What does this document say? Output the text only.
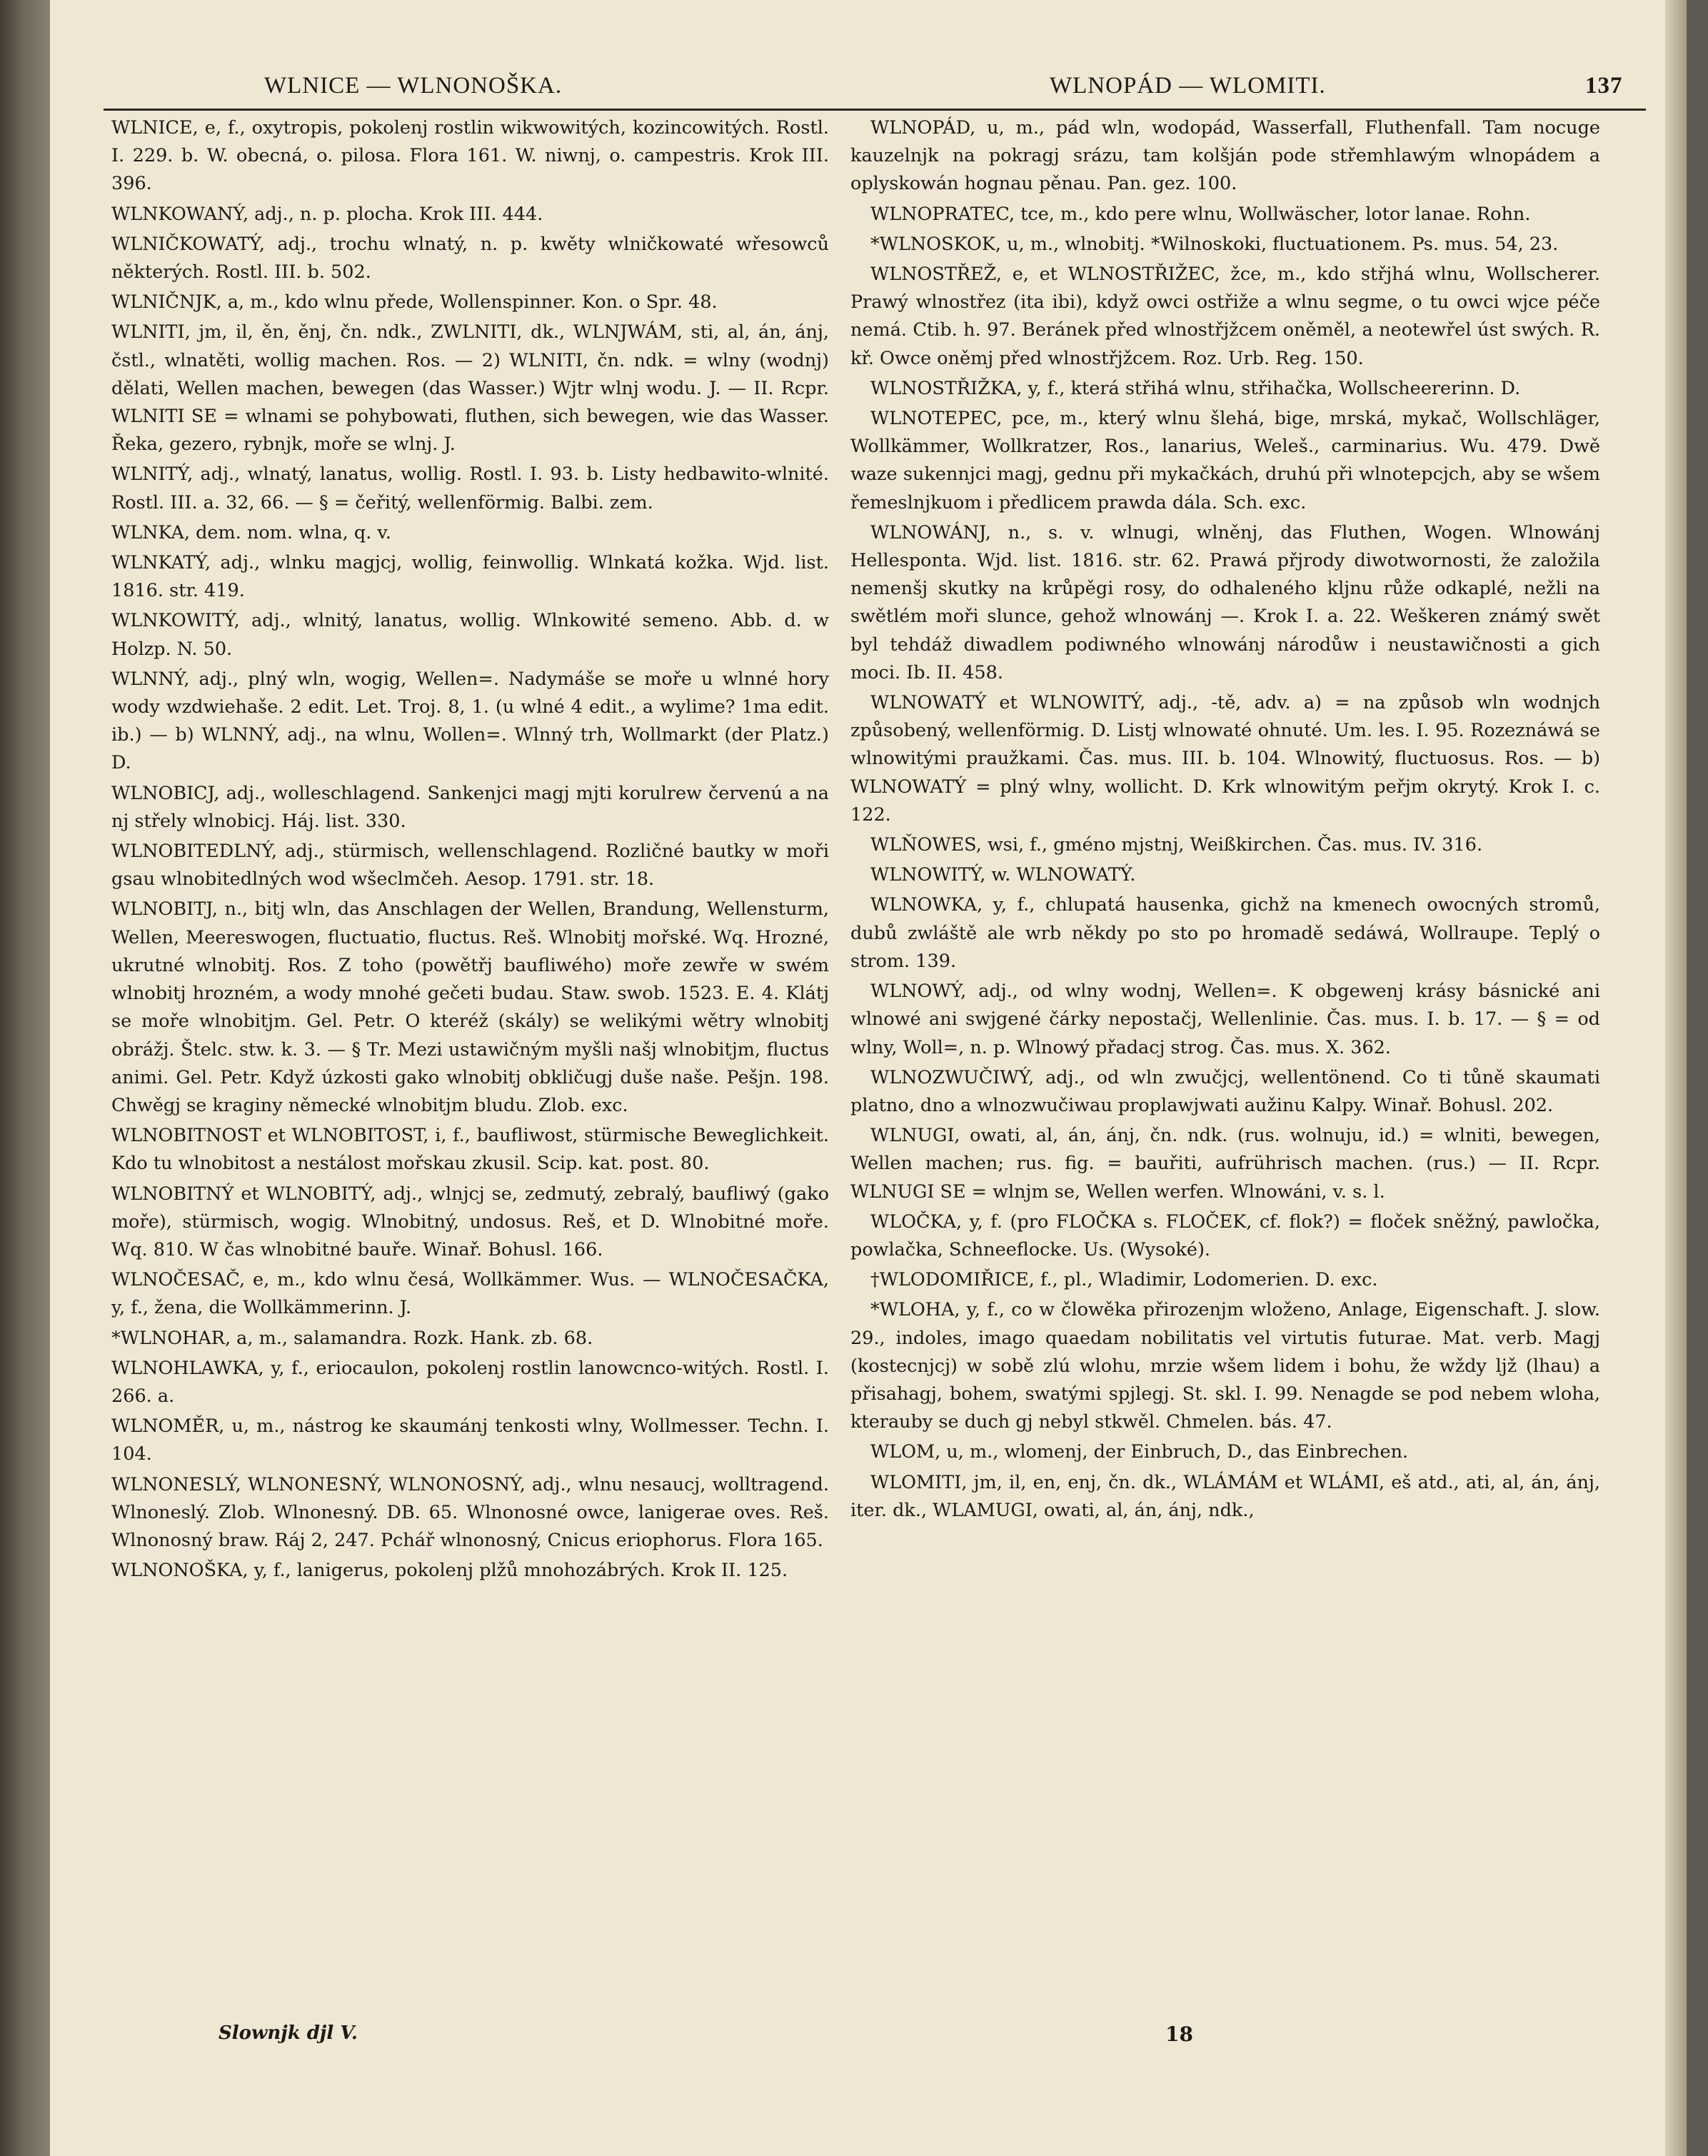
WLNICE — WLNONOŠKA.	WLNOPÁD — WLOMITI.	137

WLNICE, e, f., oxytropis, pokolenj rostlin wikwowitých, kozincowitých. Rostl. I. 229. b. W. obecná, o. pilosa. Flora 161. W. niwnj, o. campestris. Krok III. 396.

WLNKOWANÝ, adj., n. p. plocha. Krok III. 444.

WLNIČKOWATÝ, adj., trochu wlnatý, n. p. kwěty wlničkowaté wřesowců některých. Rostl. III. b. 502.

WLNIČNJK, a, m., kdo wlnu přede, Wollenspinner. Kon. o Spr. 48.

WLNITI, jm, il, ěn, ěnj, čn. ndk., ZWLNITI, dk., WLNJWÁM, sti, al, án, ánj, čstl., wlnatěti, wollig machen. Ros. — 2) WLNITI, čn. ndk. = wlny (wodnj) dělati, Wellen machen, bewegen (das Wasser.) Wjtr wlnj wodu. J. — II. Rcpr. WLNITI SE = wlnami se pohybowati, fluthen, sich bewegen, wie das Wasser. Řeka, gezero, rybnjk, moře se wlnj. J.

WLNITÝ, adj., wlnatý, lanatus, wollig. Rostl. I. 93. b. Listy hedbawito-wlnité. Rostl. III. a. 32, 66. — § = čeřitý, wellenförmig. Balbi. zem.

WLNKA, dem. nom. wlna, q. v.

WLNKATÝ, adj., wlnku magjcj, wollig, feinwollig. Wlnkatá kožka. Wjd. list. 1816. str. 419.

WLNKOWITÝ, adj., wlnitý, lanatus, wollig. Wlnkowité semeno. Abb. d. w Holzp. N. 50.

WLNNÝ, adj., plný wln, wogig, Wellen=. Nadymáše se moře u wlnné hory wody wzdwiehaše. 2 edit. Let. Troj. 8, 1. (u wlné 4 edit., a wylime? 1ma edit. ib.) — b) WLNNÝ, adj., na wlnu, Wollen=. Wlnný trh, Wollmarkt (der Platz.) D.

WLNOBICJ, adj., wolleschlagend. Sankenjci magj mjti korulrew červenú a na nj střely wlnobicj. Háj. list. 330.

WLNOBITEDLNÝ, adj., stürmisch, wellenschlagend. Rozličné bautky w moři gsau wlnobitedlných wod wšeclmčeh. Aesop. 1791. str. 18.

WLNOBITJ, n., bitj wln, das Anschlagen der Wellen, Brandung, Wellensturm, Wellen, Meereswogen, fluctuatio, fluctus. Reš. Wlnobitj mořské. Wq. Hrozné, ukrutné wlnobitj. Ros. Z toho (powětřj baufliwého) moře zewře w swém wlnobitj hrozném, a wody mnohé gečeti budau. Staw. swob. 1523. E. 4. Klátj se moře wlnobitjm. Gel. Petr. O kteréž (skály) se welikými wětry wlnobitj obrážj. Štelc. stw. k. 3. — § Tr. Mezi ustawičným myšli našj wlnobitjm, fluctus animi. Gel. Petr. Když úzkosti gako wlnobitj obkličugj duše naše. Pešjn. 198. Chwěgj se kraginy německé wlnobitjm bludu. Zlob. exc.

WLNOBITNOST et WLNOBITOST, i, f., baufliwost, stürmische Beweglichkeit. Kdo tu wlnobitost a nestálost mořskau zkusil. Scip. kat. post. 80.

WLNOBITNÝ et WLNOBITÝ, adj., wlnjcj se, zedmutý, zebralý, baufliwý (gako moře), stürmisch, wogig. Wlnobitný, undosus. Reš, et D. Wlnobitné moře. Wq. 810. W čas wlnobitné bauře. Winař. Bohusl. 166.

WLNOČESAČ, e, m., kdo wlnu česá, Wollkämmer. Wus. — WLNOČESAČKA, y, f., žena, die Wollkämmerinn. J.

*WLNOHAR, a, m., salamandra. Rozk. Hank. zb. 68.

WLNOHLAWKA, y, f., eriocaulon, pokolenj rostlin lanowcnco-witých. Rostl. I. 266. a.

WLNOMĚR, u, m., nástrog ke skaumánj tenkosti wlny, Wollmesser. Techn. I. 104.

WLNONESLÝ, WLNONESNÝ, WLNONOSNÝ, adj., wlnu nesaucj, wolltragend. Wlnoneslý. Zlob. Wlnonesný. DB. 65. Wlnonosné owce, lanigerae oves. Reš. Wlnonosný braw. Ráj 2, 247. Pchář wlnonosný, Cnicus eriophorus. Flora 165.

WLNONOŠKA, y, f., lanigerus, pokolenj plžů mnohozábrých. Krok II. 125.

WLNOPÁD, u, m., pád wln, wodopád, Wasserfall, Fluthenfall. Tam nocuge kauzelnjk na pokragj srázu, tam kolšján pode střemhlawým wlnopádem a oplyskowán hognau pěnau. Pan. gez. 100.

WLNOPRATEC, tce, m., kdo pere wlnu, Wollwäscher, lotor lanae. Rohn.

*WLNOSKOK, u, m., wlnobitj. *Wilnoskoki, fluctuationem. Ps. mus. 54, 23.

WLNOSTŘEŽ, e, et WLNOSTŘIŽEC, žce, m., kdo střjhá wlnu, Wollscherer. Prawý wlnostřez (ita ibi), když owci ostřiže a wlnu segme, o tu owci wjce péče nemá. Ctib. h. 97. Beránek před wlnostřjžcem oněměl, a neotewřel úst swých. R. kř. Owce oněmj před wlnostřjžcem. Roz. Urb. Reg. 150.

WLNOSTŘIŽKA, y, f., která střihá wlnu, střihačka, Wollscheererinn. D.

WLNOTEPEC, pce, m., který wlnu šlehá, bige, mrská, mykač, Wollschläger, Wollkämmer, Wollkratzer, Ros., lanarius, Weleš., carminarius. Wu. 479. Dwě waze sukennjci magj, gednu při mykačkách, druhú při wlnotepcjch, aby se wšem řemeslnjkuom i předlicem prawda dála. Sch. exc.

WLNOWÁNJ, n., s. v. wlnugi, wlněnj, das Fluthen, Wogen. Wlnowánj Hellesponta. Wjd. list. 1816. str. 62. Prawá přjrody diwotwornosti, že založila nemenšj skutky na krůpěgi rosy, do odhaleného kljnu růže odkaplé, nežli na swětlém moři slunce, gehož wlnowánj —. Krok I. a. 22. Weškeren známý swět byl tehdáž diwadlem podiwného wlnowánj národůw i neustawičnosti a gich moci. Ib. II. 458.

WLNOWATÝ et WLNOWITÝ, adj., -tě, adv. a) = na způsob wln wodnjch způsobený, wellenförmig. D. Listj wlnowaté ohnuté. Um. les. I. 95. Rozeznáwá se wlnowitými praužkami. Čas. mus. III. b. 104. Wlnowitý, fluctuosus. Ros. — b) WLNOWATÝ = plný wlny, wollicht. D. Krk wlnowitým peřjm okrytý. Krok I. c. 122.

WLŇOWES, wsi, f., gméno mjstnj, Weißkirchen. Čas. mus. IV. 316.

WLNOWITÝ, w. WLNOWATÝ.

WLNOWKA, y, f., chlupatá hausenka, gichž na kmenech owocných stromů, dubů zwláště ale wrb někdy po sto po hromadě sedáwá, Wollraupe. Teplý o strom. 139.

WLNOWÝ, adj., od wlny wodnj, Wellen=. K obgewenj krásy básnické ani wlnowé ani swjgené čárky nepostačj, Wellenlinie. Čas. mus. I. b. 17. — § = od wlny, Woll=, n. p. Wlnowý přadacj strog. Čas. mus. X. 362.

WLNOZWUČIWÝ, adj., od wln zwučjcj, wellentönend. Co ti tůně skaumati platno, dno a wlnozwučiwau proplawjwati aužinu Kalpy. Winař. Bohusl. 202.

WLNUGI, owati, al, án, ánj, čn. ndk. (rus. wolnuju, id.) = wlniti, bewegen, Wellen machen; rus. fig. = bauřiti, aufrührisch machen. (rus.) — II. Rcpr. WLNUGI SE = wlnjm se, Wellen werfen. Wlnowáni, v. s. l.

WLOČKA, y, f. (pro FLOČKA s. FLOČEK, cf. flok?) = floček sněžný, pawločka, powlačka, Schneeflocke. Us. (Wysoké).

†WLODOMIŘICE, f., pl., Wladimir, Lodomerien. D. exc.

*WLOHA, y, f., co w člowěka přirozenjm wloženo, Anlage, Eigenschaft. J. slow. 29., indoles, imago quaedam nobilitatis vel virtutis futurae. Mat. verb. Magj (kostecnjcj) w sobě zlú wlohu, mrzie wšem lidem i bohu, že wždy ljž (lhau) a přisahagj, bohem, swatými spjlegj. St. skl. I. 99. Nenagde se pod nebem wloha, kterauby se duch gj nebyl stkwěl. Chmelen. bás. 47.

WLOM, u, m., wlomenj, der Einbruch, D., das Einbrechen.

WLOMITI, jm, il, en, enj, čn. dk., WLÁMÁM et WLÁMI, eš atd., ati, al, án, ánj, iter. dk., WLAMUGI, owati, al, án, ánj, ndk.,

Slownjk djl V.	18
